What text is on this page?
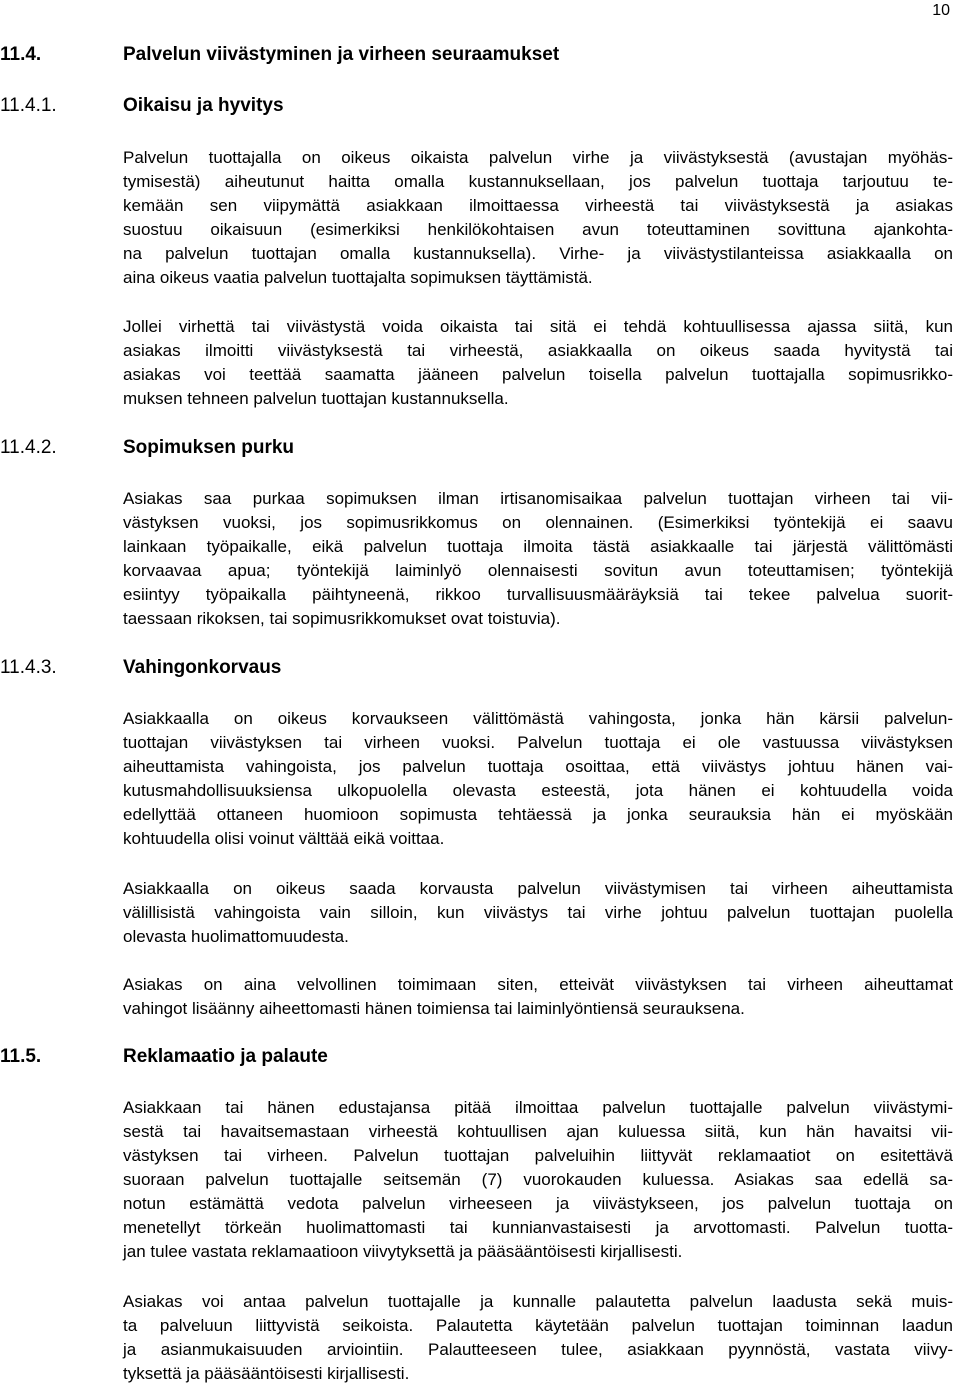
10
11.4.	Palvelun viivästyminen ja virheen seuraamukset
11.4.1.	Oikaisu ja hyvitys
Palvelun tuottajalla on oikeus oikaista palvelun virhe ja viivästyksestä (avustajan myöhäs-
tymisestä) aiheutunut haitta omalla kustannuksellaan, jos palvelun tuottaja tarjoutuu te-
kemään sen viipymättä asiakkaan ilmoittaessa virheestä tai viivästyksestä ja asiakas
suostuu oikaisuun (esimerkiksi henkilökohtaisen avun toteuttaminen sovittuna ajankohta-
na palvelun tuottajan omalla kustannuksella). Virhe- ja viivästystilanteissa asiakkaalla on
aina oikeus vaatia palvelun tuottajalta sopimuksen täyttämistä.
Jollei virhettä tai viivästystä voida oikaista tai sitä ei tehdä kohtuullisessa ajassa siitä, kun
asiakas ilmoitti viivästyksestä tai virheestä, asiakkaalla on oikeus saada hyvitystä tai
asiakas voi teettää saamatta jääneen palvelun toisella palvelun tuottajalla sopimusrikko-
muksen tehneen palvelun tuottajan kustannuksella.
11.4.2.	Sopimuksen purku
Asiakas saa purkaa sopimuksen ilman irtisanomisaikaa palvelun tuottajan virheen tai vii-
västyksen vuoksi, jos sopimusrikkomus on olennainen. (Esimerkiksi työntekijä ei saavu
lainkaan työpaikalle, eikä palvelun tuottaja ilmoita tästä asiakkaalle tai järjestä välittömästi
korvaavaa apua; työntekijä laiminlyö olennaisesti sovitun avun toteuttamisen; työntekijä
esiintyy työpaikalla päihtyneenä, rikkoo turvallisuusmääräyksiä tai tekee palvelua suorit-
taessaan rikoksen, tai sopimusrikkomukset ovat toistuvia).
11.4.3.	Vahingonkorvaus
Asiakkaalla on oikeus korvaukseen välittömästä vahingosta, jonka hän kärsii palvelun-
tuottajan viivästyksen tai virheen vuoksi. Palvelun tuottaja ei ole vastuussa viivästyksen
aiheuttamista vahingoista, jos palvelun tuottaja osoittaa, että viivästys johtuu hänen vai-
kutusmahdollisuuksiensa ulkopuolella olevasta esteestä, jota hänen ei kohtuudella voida
edellyttää ottaneen huomioon sopimusta tehtäessä ja jonka seurauksia hän ei myöskään
kohtuudella olisi voinut välttää eikä voittaa.
Asiakkaalla on oikeus saada korvausta palvelun viivästymisen tai virheen aiheuttamista
välillisistä vahingoista vain silloin, kun viivästys tai virhe johtuu palvelun tuottajan puolella
olevasta huolimattomuudesta.
Asiakas on aina velvollinen toimimaan siten, etteivät viivästyksen tai virheen aiheuttamat
vahingot lisäänny aiheettomasti hänen toimiensa tai laiminlyöntiensä seurauksena.
11.5.	Reklamaatio ja palaute
Asiakkaan tai hänen edustajansa pitää ilmoittaa palvelun tuottajalle palvelun viivästymi-
sestä tai havaitsemastaan virheestä kohtuullisen ajan kuluessa siitä, kun hän havaitsi vii-
västyksen tai virheen. Palvelun tuottajan palveluihin liittyvät reklamaatiot on esitettävä
suoraan palvelun tuottajalle seitsemän (7) vuorokauden kuluessa. Asiakas saa edellä sa-
notun estämättä vedota palvelun virheeseen ja viivästykseen, jos palvelun tuottaja on
menetellyt törkeän huolimattomasti tai kunnianvastaisesti ja arvottomasti. Palvelun tuotta-
jan tulee vastata reklamaatioon viivytyksettä ja pääsääntöisesti kirjallisesti.
Asiakas voi antaa palvelun tuottajalle ja kunnalle palautetta palvelun laadusta sekä muis-
ta palveluun liittyvistä seikoista. Palautetta käytetään palvelun tuottajan toiminnan laadun
ja asianmukaisuuden arviointiin. Palautteeseen tulee, asiakkaan pyynnöstä, vastata viivy-
tyksettä ja pääsääntöisesti kirjallisesti.
